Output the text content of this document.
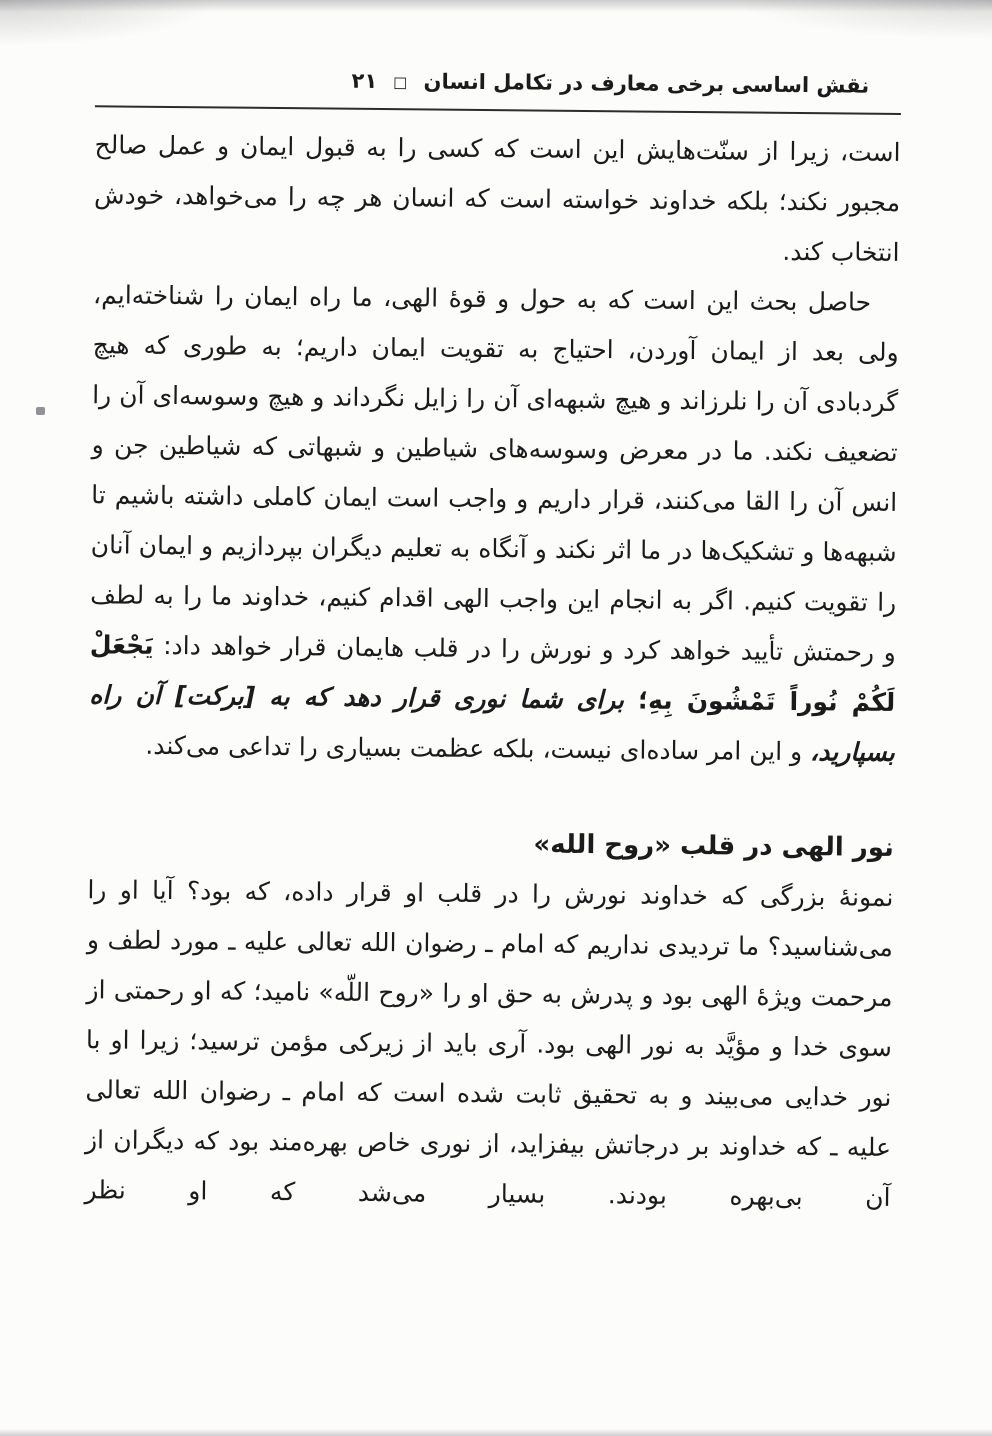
نقش اساسی برخی معارف در تکامل انسان
□
۲۱

است، زیرا از سنّت‌هایش این است که کسی را به قبول ایمان و عمل صالح مجبور نکند؛ بلکه خداوند خواسته است که انسان هر چه را می‌خواهد، خودش انتخاب کند.

حاصل بحث این است که به حول و قوهٔ الهی، ما راه ایمان را شناخته‌ایم، ولی بعد از ایمان آوردن، احتیاج به تقویت ایمان داریم؛ به طوری که هیچ گردبادی آن را نلرزاند و هیچ شبهه‌ای آن را زایل نگرداند و هیچ وسوسه‌ای آن را تضعیف نکند. ما در معرض وسوسه‌های شیاطین و شبهاتی که شیاطین جن و انس آن را القا می‌کنند، قرار داریم و واجب است ایمان کاملی داشته باشیم تا شبهه‌ها و تشکیک‌ها در ما اثر نکند و آنگاه به تعلیم دیگران بپردازیم و ایمان آنان را تقویت کنیم. اگر به انجام این واجب الهی اقدام کنیم، خداوند ما را به لطف و رحمتش تأیید خواهد کرد و نورش را در قلب هایمان قرار خواهد داد: یَجْعَلْ لَکُمْ نُوراً تَمْشُونَ بِهِ؛ برای شما نوری قرار دهد که به [برکت] آن راه بسپارید، و این امر ساده‌ای نیست، بلکه عظمت بسیاری را تداعی می‌کند.

نور الهی در قلب «روح الله»

نمونهٔ بزرگی که خداوند نورش را در قلب او قرار داده، که بود؟ آیا او را می‌شناسید؟ ما تردیدی نداریم که امام ـ رضوان الله تعالی علیه ـ مورد لطف و مرحمت ویژهٔ الهی بود و پدرش به حق او را «روح اللّه» نامید؛ که او رحمتی از سوی خدا و مؤیَّد به نور الهی بود. آری باید از زیرکی مؤمن ترسید؛ زیرا او با نور خدایی می‌بیند و به تحقیق ثابت شده است که امام ـ رضوان الله تعالی علیه ـ که خداوند بر درجاتش بیفزاید، از نوری خاص بهره‌مند بود که دیگران از آن بی‌بهره بودند. بسیار می‌شد که او نظر
